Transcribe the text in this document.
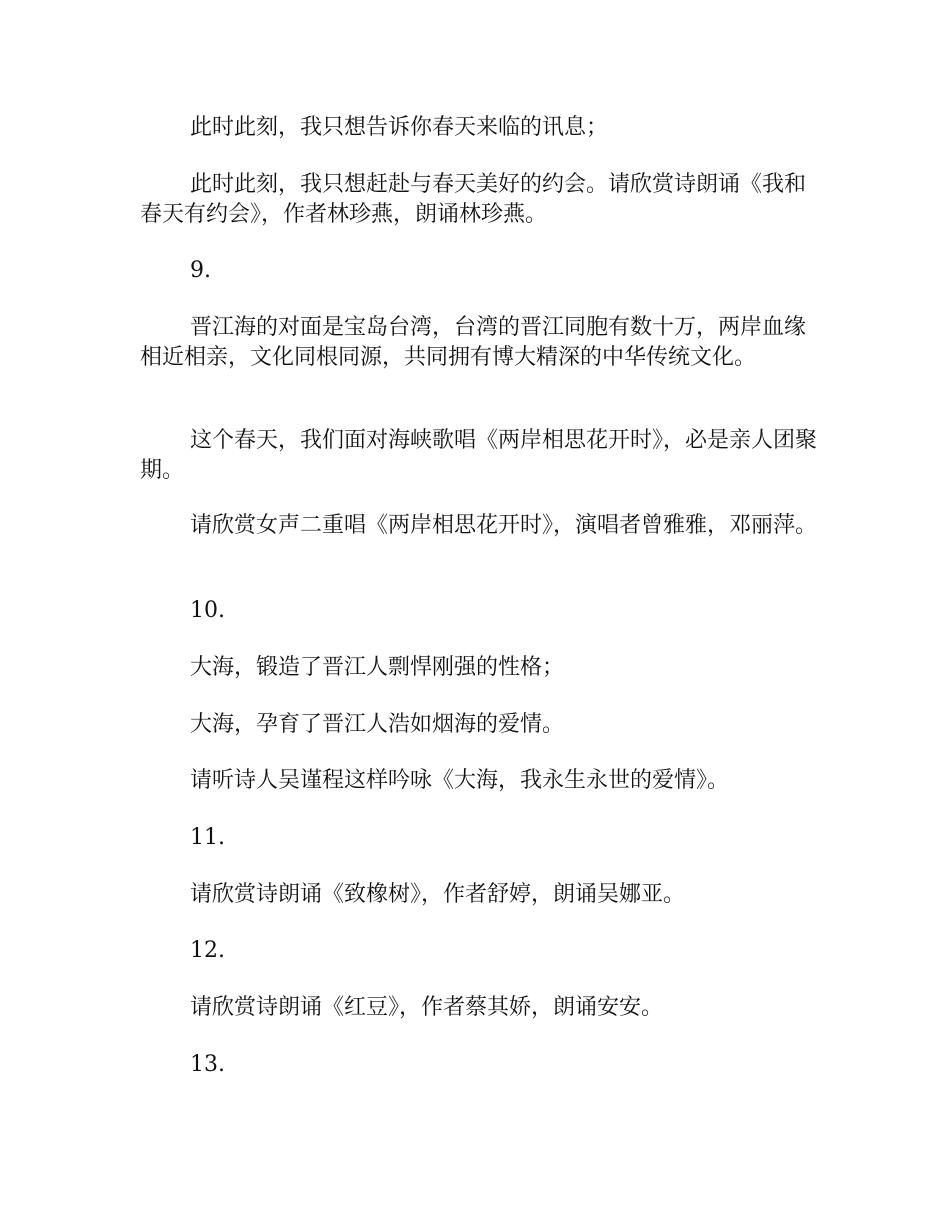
此时此刻，我只想告诉你春天来临的讯息；

此时此刻，我只想赶赴与春天美好的约会。请欣赏诗朗诵《我和春天有约会》，作者林珍燕，朗诵林珍燕。

9.

晋江海的对面是宝岛台湾，台湾的晋江同胞有数十万，两岸血缘相近相亲，文化同根同源，共同拥有博大精深的中华传统文化。

这个春天，我们面对海峡歌唱《两岸相思花开时》，必是亲人团聚期。

请欣赏女声二重唱《两岸相思花开时》，演唱者曾雅雅，邓丽萍。

10.

大海，锻造了晋江人剽悍刚强的性格；

大海，孕育了晋江人浩如烟海的爱情。

请听诗人吴谨程这样吟咏《大海，我永生永世的爱情》。

11.

请欣赏诗朗诵《致橡树》，作者舒婷，朗诵吴娜亚。

12.

请欣赏诗朗诵《红豆》，作者蔡其娇，朗诵安安。

13.
